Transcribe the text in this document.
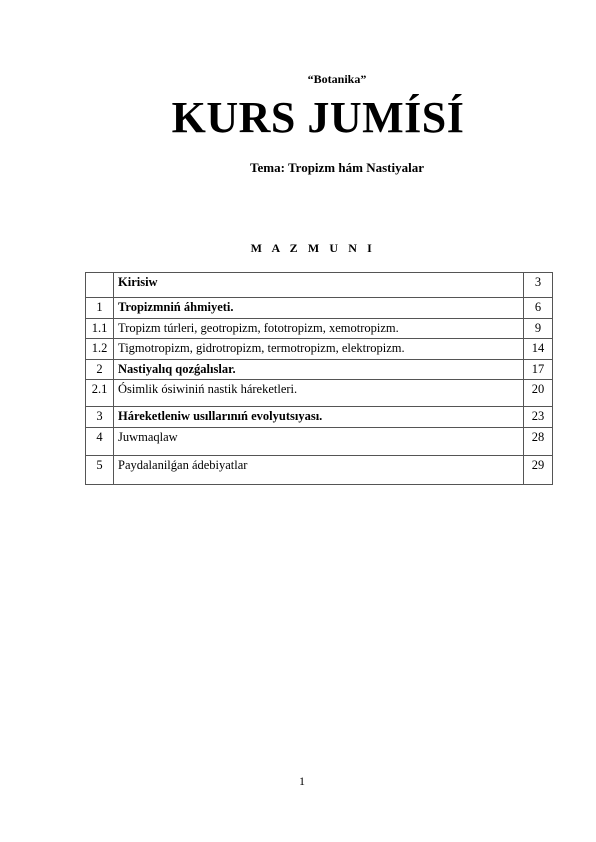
“Botanika”
KURS JUMÍSÍ
Tema: Tropizm hám Nastiyalar
M A Z M U N I
	Kirisiw	3
1	Tropizmniń áhmiyeti.	6
1.1	Tropizm túrleri, geotropizm, fototropizm, xemotropizm.	9
1.2	Tigmotropizm, gidrotropizm, termotropizm, elektropizm.	14
2	Nastiyalıq qozǵalıslar.	17
2.1	Ósimlik ósiwiniń nastik háreketleri.	20
3	Háreketleniw usıllarınıń evolyutsıyası.	23
4	Juwmaqlaw	28
5	Paydalanilǵan ádebiyatlar	29
1
